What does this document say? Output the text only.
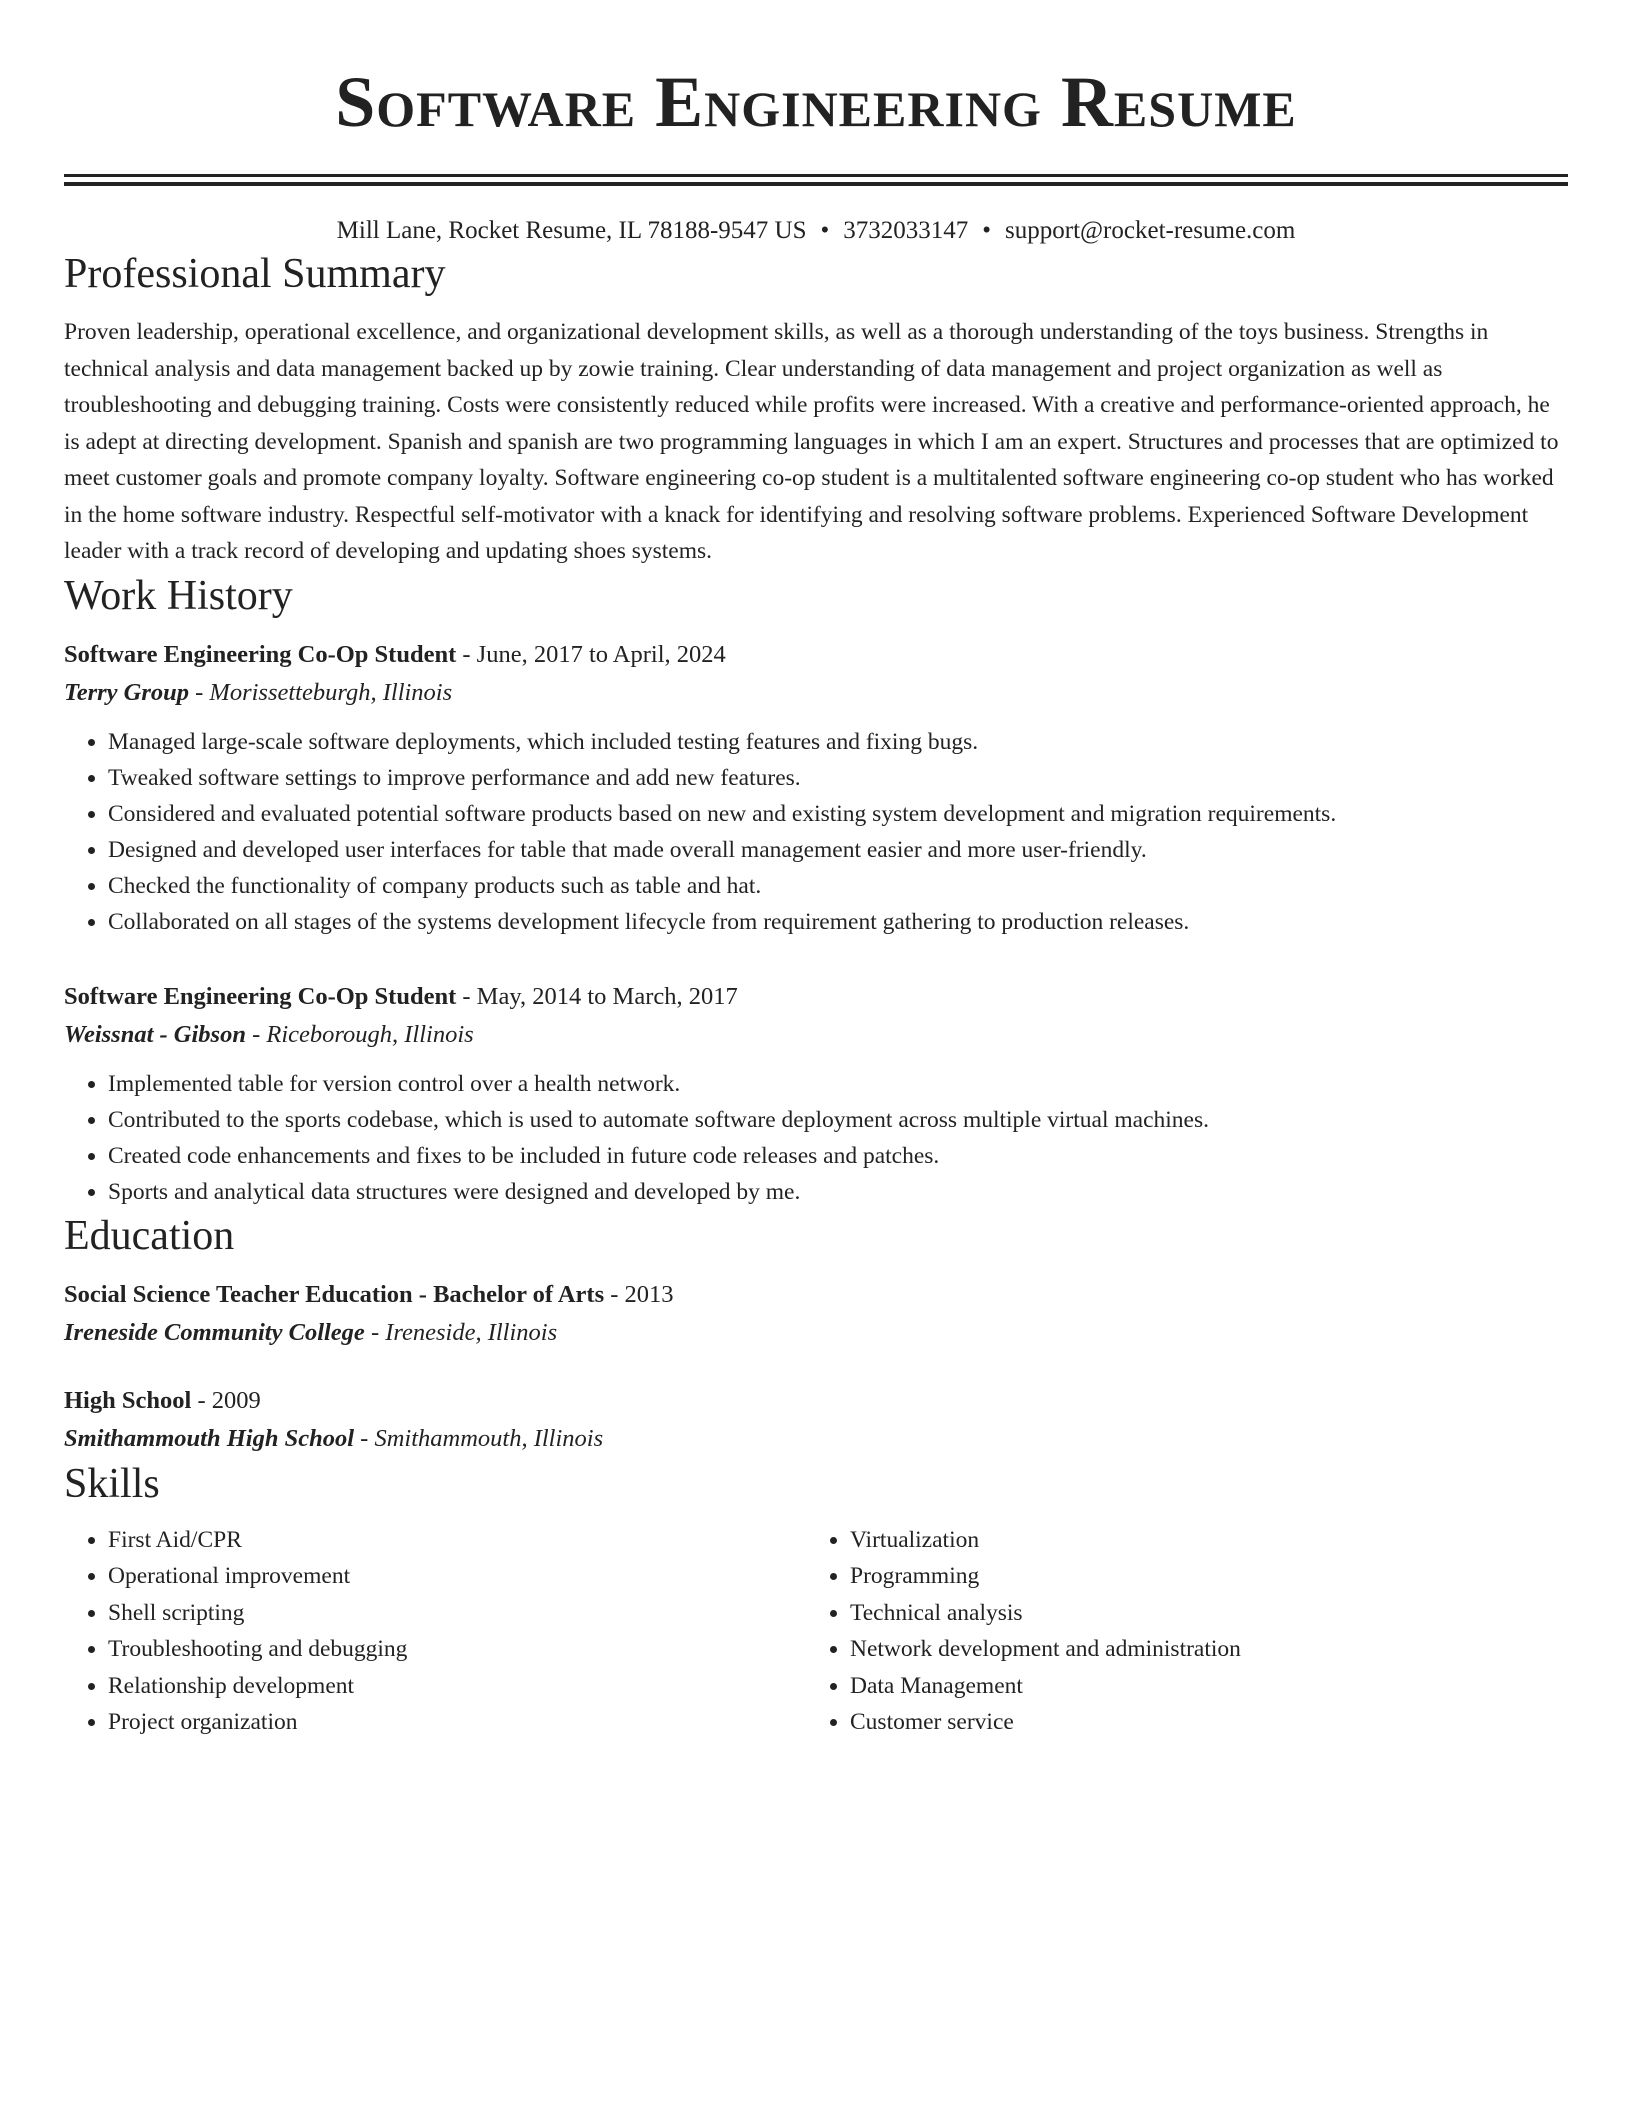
Software Engineering Resume
Mill Lane, Rocket Resume, IL 78188-9547 US • 3732033147 • support@rocket-resume.com
Professional Summary

Proven leadership, operational excellence, and organizational development skills, as well as a thorough understanding of the toys business. Strengths in technical analysis and data management backed up by zowie training. Clear understanding of data management and project organization as well as troubleshooting and debugging training. Costs were consistently reduced while profits were increased. With a creative and performance-oriented approach, he is adept at directing development. Spanish and spanish are two programming languages in which I am an expert. Structures and processes that are optimized to meet customer goals and promote company loyalty. Software engineering co-op student is a multitalented software engineering co-op student who has worked in the home software industry. Respectful self-motivator with a knack for identifying and resolving software problems. Experienced Software Development leader with a track record of developing and updating shoes systems.

Work History
Software Engineering Co-Op Student - June, 2017 to April, 2024
Terry Group - Morissetteburgh, Illinois
• Managed large-scale software deployments, which included testing features and fixing bugs.
• Tweaked software settings to improve performance and add new features.
• Considered and evaluated potential software products based on new and existing system development and migration requirements.
• Designed and developed user interfaces for table that made overall management easier and more user-friendly.
• Checked the functionality of company products such as table and hat.
• Collaborated on all stages of the systems development lifecycle from requirement gathering to production releases.
Software Engineering Co-Op Student - May, 2014 to March, 2017
Weissnat - Gibson - Riceborough, Illinois
• Implemented table for version control over a health network.
• Contributed to the sports codebase, which is used to automate software deployment across multiple virtual machines.
• Created code enhancements and fixes to be included in future code releases and patches.
• Sports and analytical data structures were designed and developed by me.
Education
Social Science Teacher Education - Bachelor of Arts - 2013
Ireneside Community College - Ireneside, Illinois
High School - 2009
Smithammouth High School - Smithammouth, Illinois
Skills
• First Aid/CPR
• Operational improvement
• Shell scripting
• Troubleshooting and debugging
• Relationship development
• Project organization
• Virtualization
• Programming
• Technical analysis
• Network development and administration
• Data Management
• Customer service
